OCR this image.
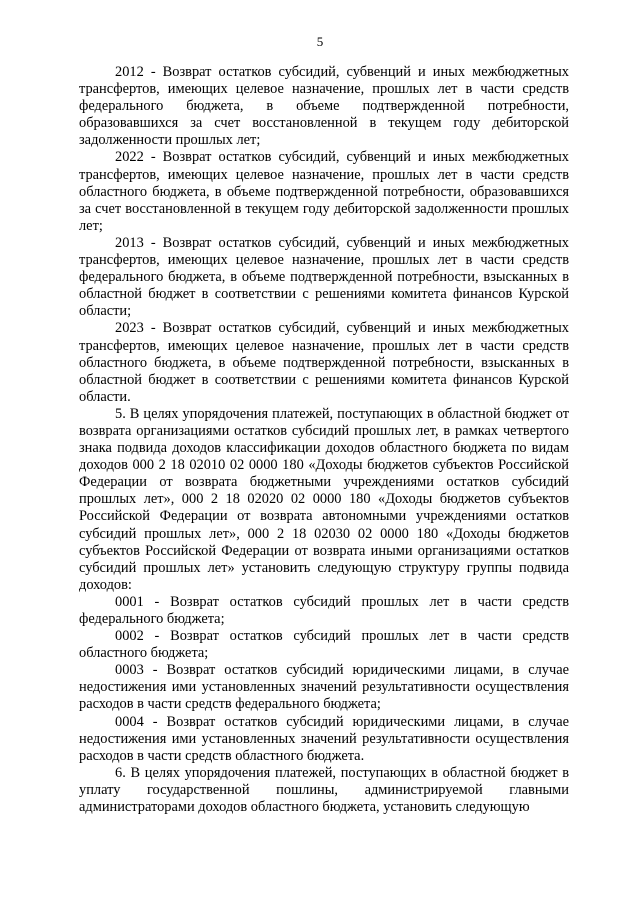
5

2012 - Возврат остатков субсидий, субвенций и иных межбюджетных трансфертов, имеющих целевое назначение, прошлых лет в части средств федерального бюджета, в объеме подтвержденной потребности, образовавшихся за счет восстановленной в текущем году дебиторской задолженности прошлых лет;

2022 - Возврат остатков субсидий, субвенций и иных межбюджетных трансфертов, имеющих целевое назначение, прошлых лет в части средств областного бюджета, в объеме подтвержденной потребности, образовавшихся за счет восстановленной в текущем году дебиторской задолженности прошлых лет;

2013 - Возврат остатков субсидий, субвенций и иных межбюджетных трансфертов, имеющих целевое назначение, прошлых лет в части средств федерального бюджета, в объеме подтвержденной потребности, взысканных в областной бюджет в соответствии с решениями комитета финансов Курской области;

2023 - Возврат остатков субсидий, субвенций и иных межбюджетных трансфертов, имеющих целевое назначение, прошлых лет в части средств областного бюджета, в объеме подтвержденной потребности, взысканных в областной бюджет в соответствии с решениями комитета финансов Курской области.

5. В целях упорядочения платежей, поступающих в областной бюджет от возврата организациями остатков субсидий прошлых лет, в рамках четвертого знака подвида доходов классификации доходов областного бюджета по видам доходов 000 2 18 02010 02 0000 180 «Доходы бюджетов субъектов Российской Федерации от возврата бюджетными учреждениями остатков субсидий прошлых лет», 000 2 18 02020 02 0000 180 «Доходы бюджетов субъектов Российской Федерации от возврата автономными учреждениями остатков субсидий прошлых лет», 000 2 18 02030 02 0000 180 «Доходы бюджетов субъектов Российской Федерации от возврата иными организациями остатков субсидий прошлых лет» установить следующую структуру группы подвида доходов:

0001 - Возврат остатков субсидий прошлых лет в части средств федерального бюджета;

0002 - Возврат остатков субсидий прошлых лет в части средств областного бюджета;

0003 - Возврат остатков субсидий юридическими лицами, в случае недостижения ими установленных значений результативности осуществления расходов в части средств федерального бюджета;

0004 - Возврат остатков субсидий юридическими лицами, в случае недостижения ими установленных значений результативности осуществления расходов в части средств областного бюджета.

6. В целях упорядочения платежей, поступающих в областной бюджет в уплату государственной пошлины, администрируемой главными администраторами доходов областного бюджета, установить следующую
